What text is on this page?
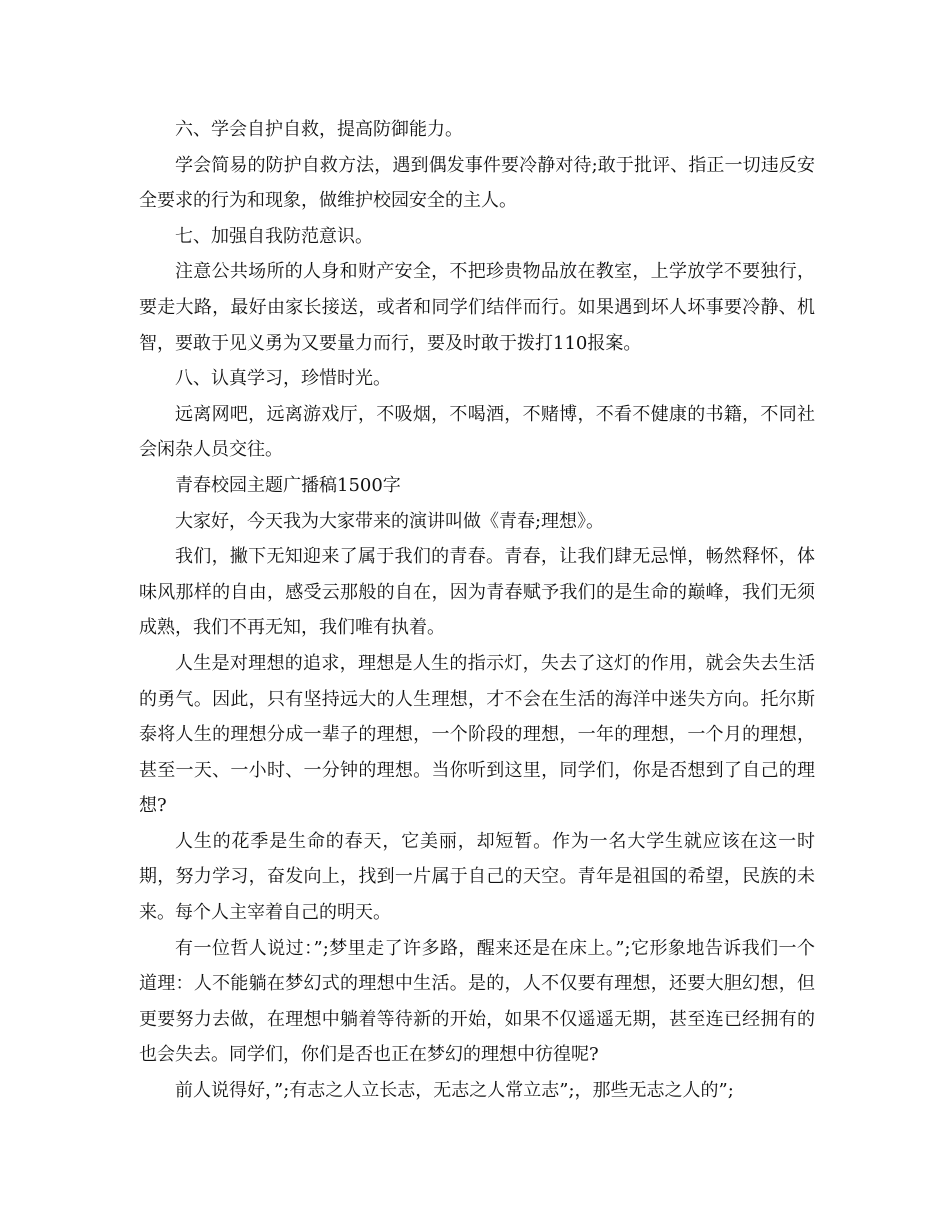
六、学会自护自救，提高防御能力。

学会简易的防护自救方法，遇到偶发事件要冷静对待;敢于批评、指正一切违反安全要求的行为和现象，做维护校园安全的主人。

七、加强自我防范意识。

注意公共场所的人身和财产安全，不把珍贵物品放在教室，上学放学不要独行，要走大路，最好由家长接送，或者和同学们结伴而行。如果遇到坏人坏事要冷静、机智，要敢于见义勇为又要量力而行，要及时敢于拨打110报案。

八、认真学习，珍惜时光。

远离网吧，远离游戏厅，不吸烟，不喝酒，不赌博，不看不健康的书籍，不同社会闲杂人员交往。

青春校园主题广播稿1500字

大家好，今天我为大家带来的演讲叫做《青春;理想》。

我们，撇下无知迎来了属于我们的青春。青春，让我们肆无忌惮，畅然释怀，体味风那样的自由，感受云那般的自在，因为青春赋予我们的是生命的巅峰，我们无须成熟，我们不再无知，我们唯有执着。

人生是对理想的追求，理想是人生的指示灯，失去了这灯的作用，就会失去生活的勇气。因此，只有坚持远大的人生理想，才不会在生活的海洋中迷失方向。托尔斯泰将人生的理想分成一辈子的理想，一个阶段的理想，一年的理想，一个月的理想，甚至一天、一小时、一分钟的理想。当你听到这里，同学们，你是否想到了自己的理想?

人生的花季是生命的春天，它美丽，却短暂。作为一名大学生就应该在这一时期，努力学习，奋发向上，找到一片属于自己的天空。青年是祖国的希望，民族的未来。每个人主宰着自己的明天。

有一位哲人说过：”;梦里走了许多路，醒来还是在床上。”;它形象地告诉我们一个道理：人不能躺在梦幻式的理想中生活。是的，人不仅要有理想，还要大胆幻想，但更要努力去做，在理想中躺着等待新的开始，如果不仅遥遥无期，甚至连已经拥有的也会失去。同学们，你们是否也正在梦幻的理想中彷徨呢?

前人说得好，”;有志之人立长志，无志之人常立志”;，那些无志之人的”;
